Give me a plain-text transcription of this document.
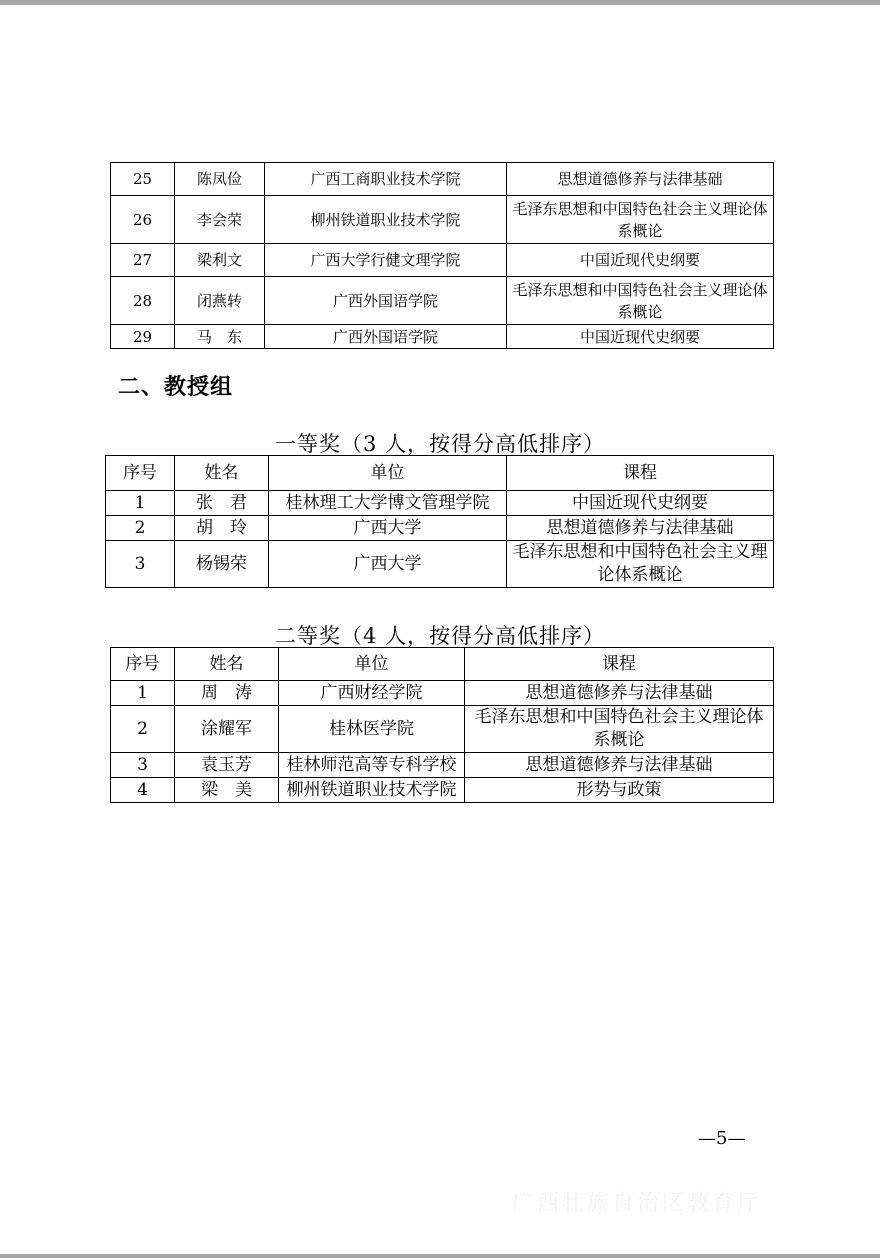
25	陈凤俭	广西工商职业技术学院	思想道德修养与法律基础
26	李会荣	柳州铁道职业技术学院	毛泽东思想和中国特色社会主义理论体系概论
27	梁利文	广西大学行健文理学院	中国近现代史纲要
28	闭燕转	广西外国语学院	毛泽东思想和中国特色社会主义理论体系概论
29	马　东	广西外国语学院	中国近现代史纲要
二、教授组
一等奖（3 人，按得分高低排序）
序号	姓名	单位	课程
1	张　君	桂林理工大学博文管理学院	中国近现代史纲要
2	胡　玲	广西大学	思想道德修养与法律基础
3	杨锡荣	广西大学	毛泽东思想和中国特色社会主义理论体系概论
二等奖（4 人，按得分高低排序）
序号	姓名	单位	课程
1	周　涛	广西财经学院	思想道德修养与法律基础
2	涂耀军	桂林医学院	毛泽东思想和中国特色社会主义理论体系概论
3	袁玉芳	桂林师范高等专科学校	思想道德修养与法律基础
4	梁　美	柳州铁道职业技术学院	形势与政策
—5—
广西壮族自治区教育厅
